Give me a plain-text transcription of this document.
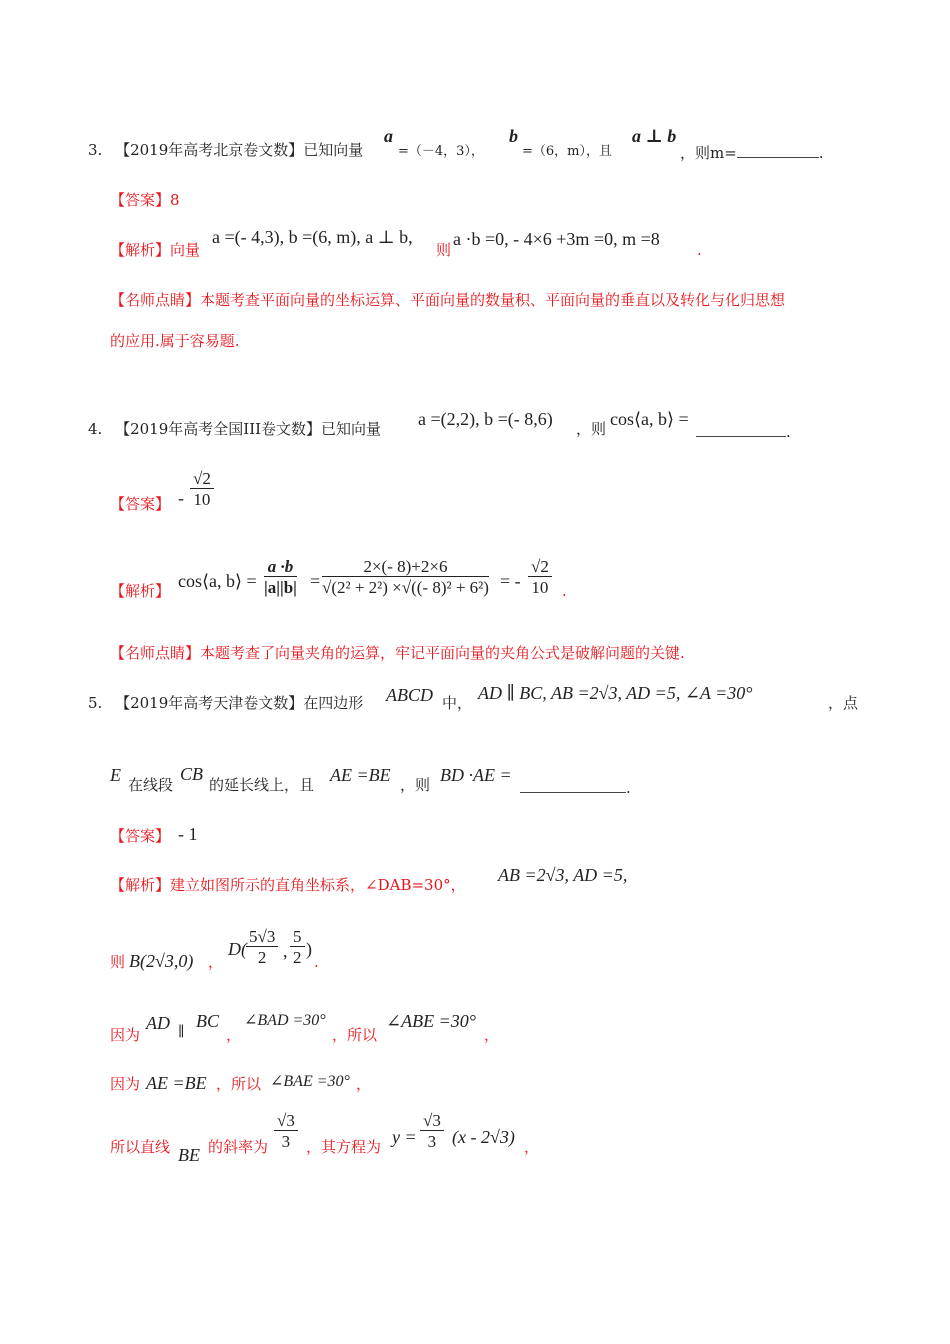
3. 【2019年高考北京卷文数】已知向量
a
=（－4，3），
b
=（6，m），且
a ⊥ b
，则m=	.
【答案】8
【解析】向量
a =(- 4,3), b =(6, m), a ⊥ b,
则
a ·b =0, - 4×6 +3m =0, m =8
.
【名师点睛】本题考查平面向量的坐标运算、平面向量的数量积、平面向量的垂直以及转化与化归思想
的应用.属于容易题.
4. 【2019年高考全国III卷文数】已知向量 a =(2,2), b =(- 8,6) ，则 cos⟨a, b⟩ =
.
【答案】 - $\frac{√2}{10}$
【解析】 cos⟨a, b⟩ = $\frac{a \cdot b}{|a||b|} = \frac{2\times(- 8)+2\times 6}{\text{√(2² + 2²) ×√((- 8)² + 6²)}}$ = - $\frac{√2}{10}$ .
【名师点睛】本题考查了向量夹角的运算，牢记平面向量的夹角公式是破解问题的关键.
5. 【2019年高考天津卷文数】在四边形 ABCD 中， AD ∥ BC, AB =2√3, AD =5, ∠A =30°	，点
E 在线段
CB
的延长线上，且 AE =BE ，则 BD ·AE =
.
【答案】 - 1
【解析】建立如图所示的直角坐标系，∠DAB=30°， AB =2√3, AD =5,
则 B(2√3,0) ，
$D( \frac{5√3}{2}$ , $\frac{5}{2}$ )
.
因为
AD ∥
BC
，
∠BAD =30°
，所以
∠ABE =30°
，
因为 AE =BE ，所以 ∠BAE =30° ，
所以直线 BE 的斜率为 $\frac{√3}{3}$ ，其方程为 $y = \frac{√3}{3} (x - 2√3)$ ，
